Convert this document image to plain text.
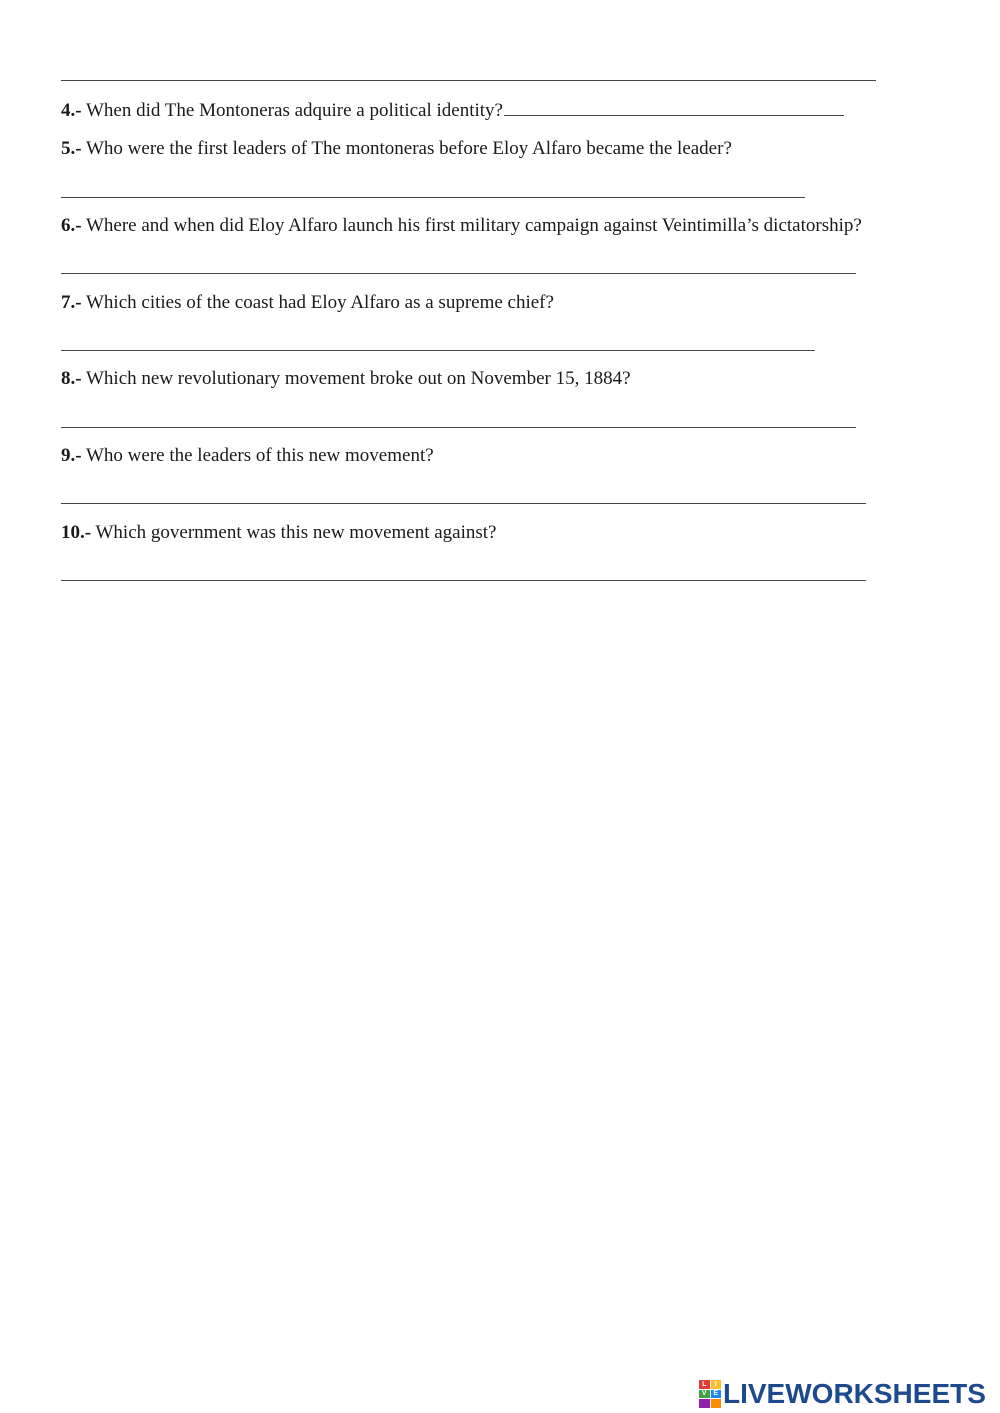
4.- When did The Montoneras adquire a political identity?
5.- Who were the first leaders of The montoneras before Eloy Alfaro became the leader?
6.- Where and when did Eloy Alfaro launch his first military campaign against Veintimilla’s dictatorship?
7.- Which cities of the coast had Eloy Alfaro as a supreme chief?
8.- Which new revolutionary movement broke out on November 15, 1884?
9.- Who were the leaders of this new movement?
10.- Which government was this new movement against?
L	I
V E LIVEWORKSHEETS
